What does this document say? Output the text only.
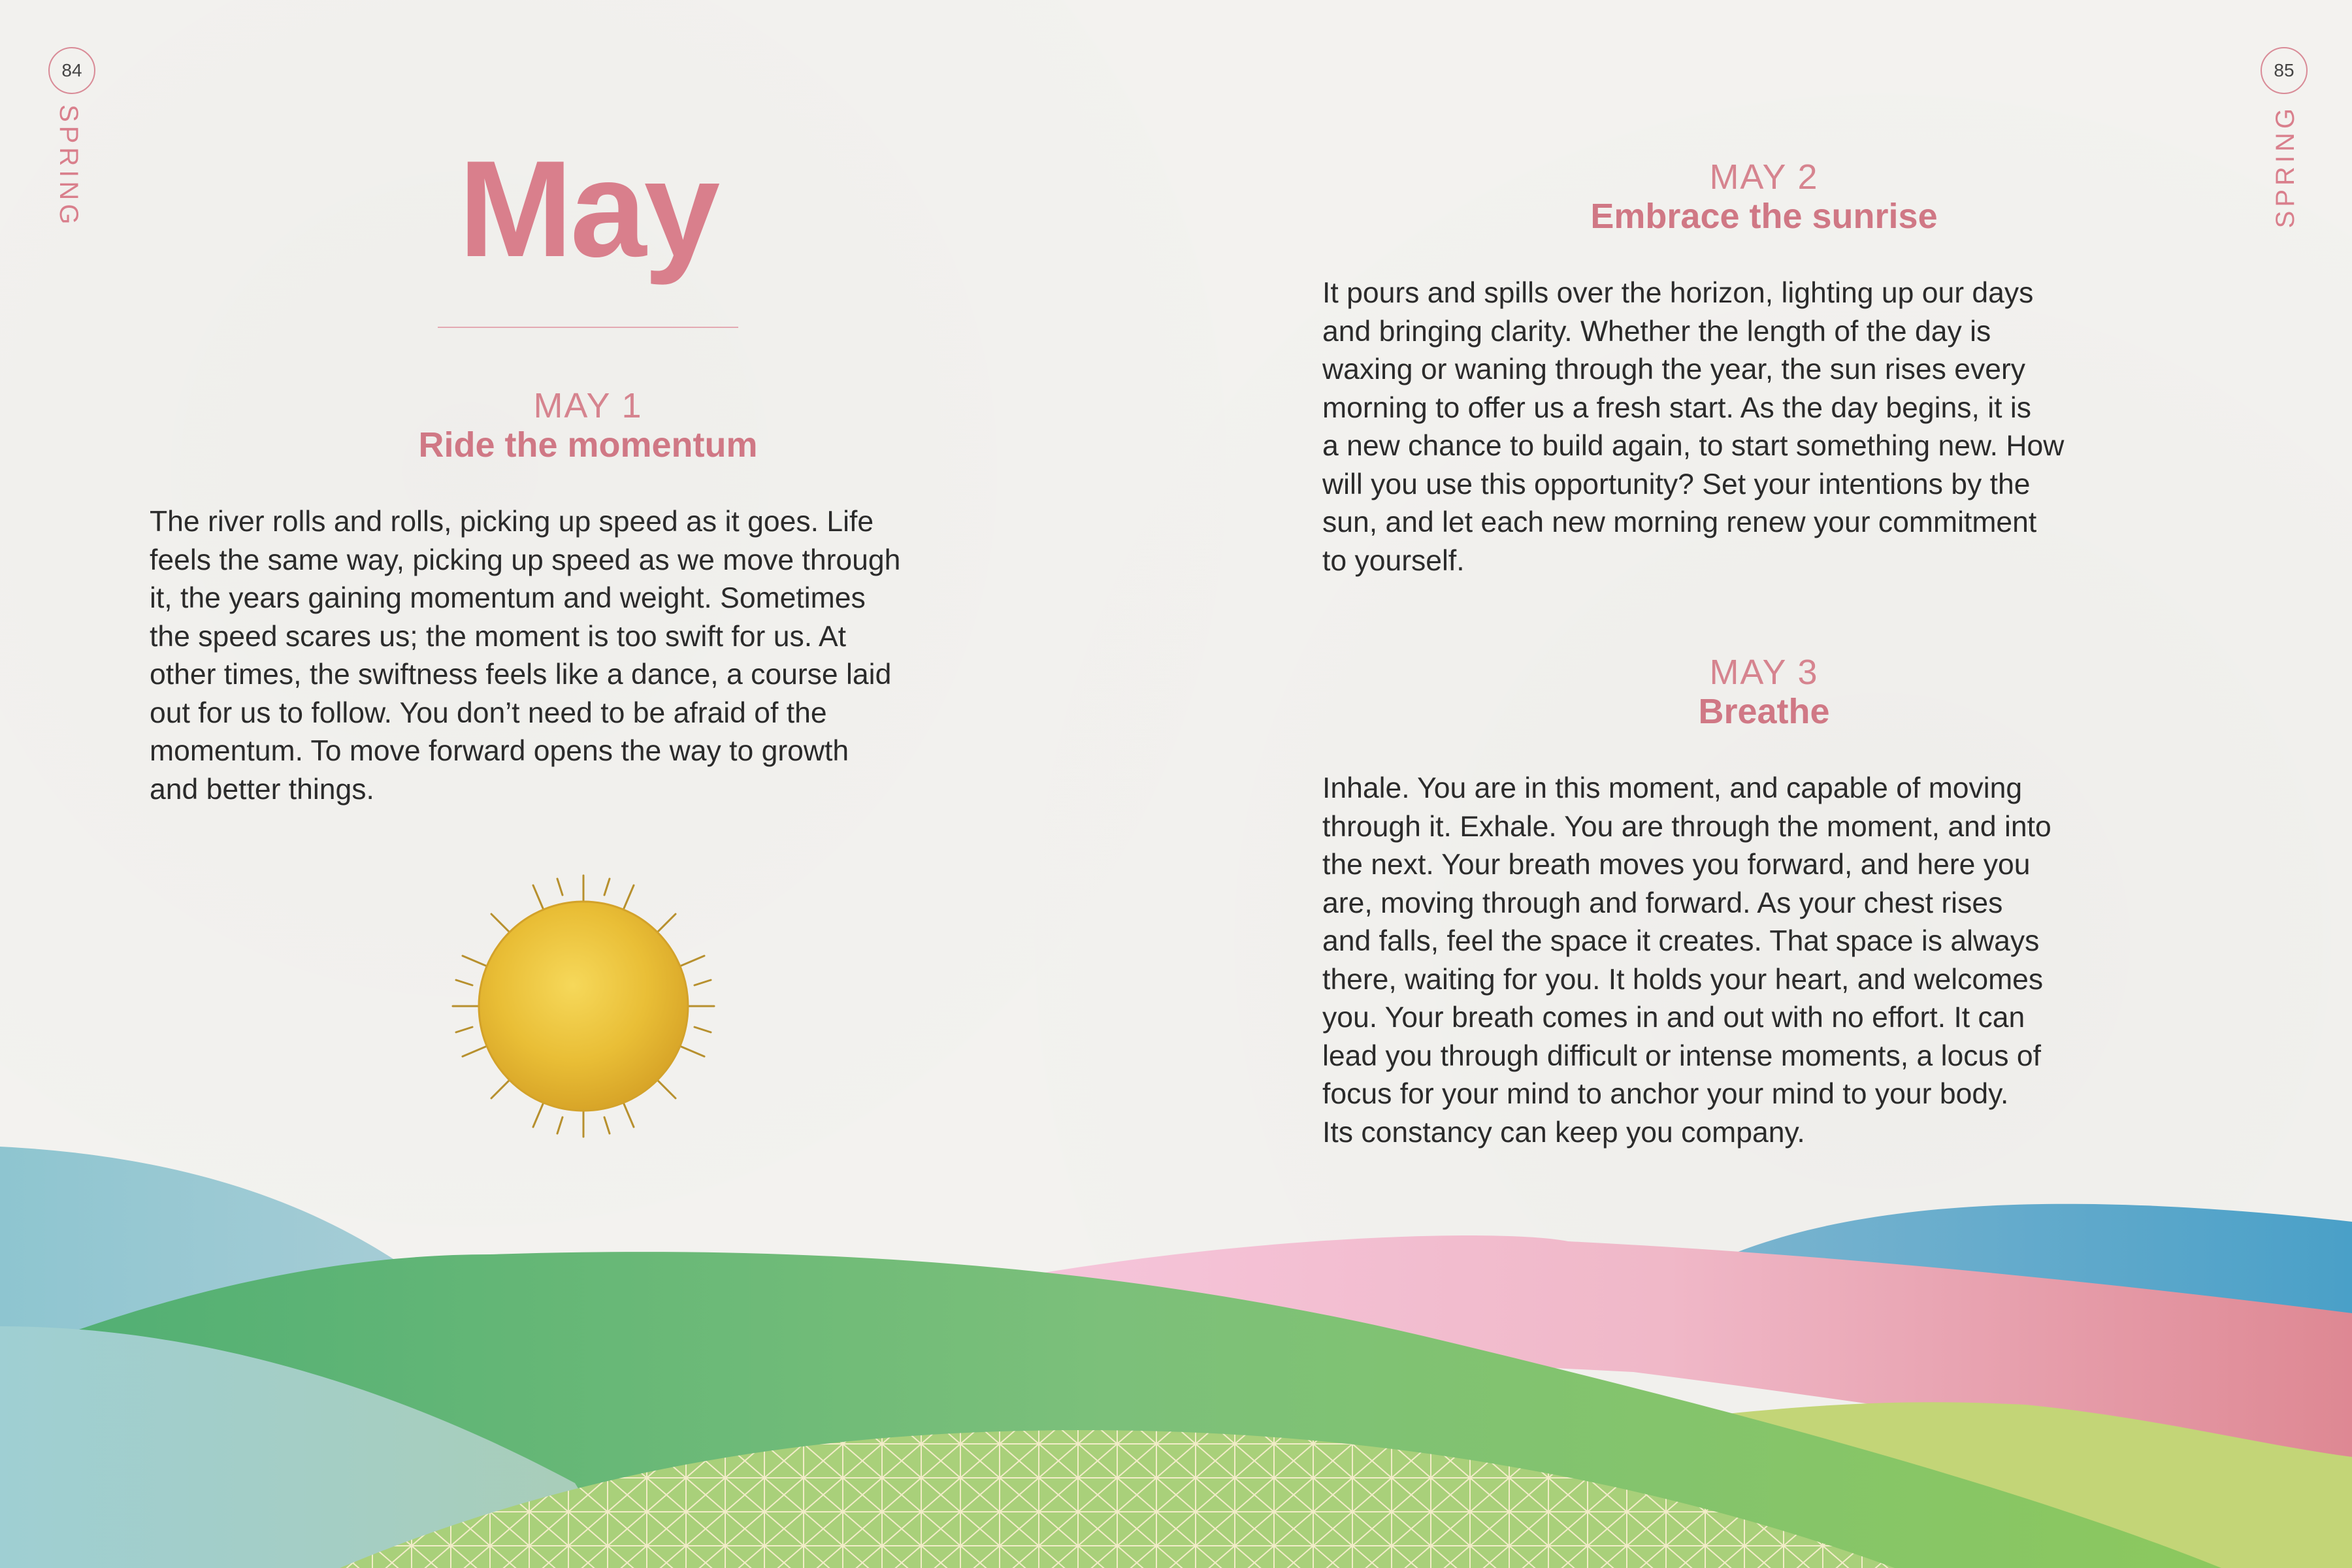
84
SPRING
85
SPRING
May
MAY 1
Ride the momentum
The river rolls and rolls, picking up speed as it goes. Life
feels the same way, picking up speed as we move through
it, the years gaining momentum and weight. Sometimes
the speed scares us; the moment is too swift for us. At
other times, the swiftness feels like a dance, a course laid
out for us to follow. You don’t need to be afraid of the
momentum. To move forward opens the way to growth
and better things.
MAY 2
Embrace the sunrise
It pours and spills over the horizon, lighting up our days
and bringing clarity. Whether the length of the day is
waxing or waning through the year, the sun rises every
morning to offer us a fresh start. As the day begins, it is
a new chance to build again, to start something new. How
will you use this opportunity? Set your intentions by the
sun, and let each new morning renew your commitment
to yourself.
MAY 3
Breathe
Inhale. You are in this moment, and capable of moving
through it. Exhale. You are through the moment, and into
the next. Your breath moves you forward, and here you
are, moving through and forward. As your chest rises
and falls, feel the space it creates. That space is always
there, waiting for you. It holds your heart, and welcomes
you. Your breath comes in and out with no effort. It can
lead you through difficult or intense moments, a locus of
focus for your mind to anchor your mind to your body.
Its constancy can keep you company.
